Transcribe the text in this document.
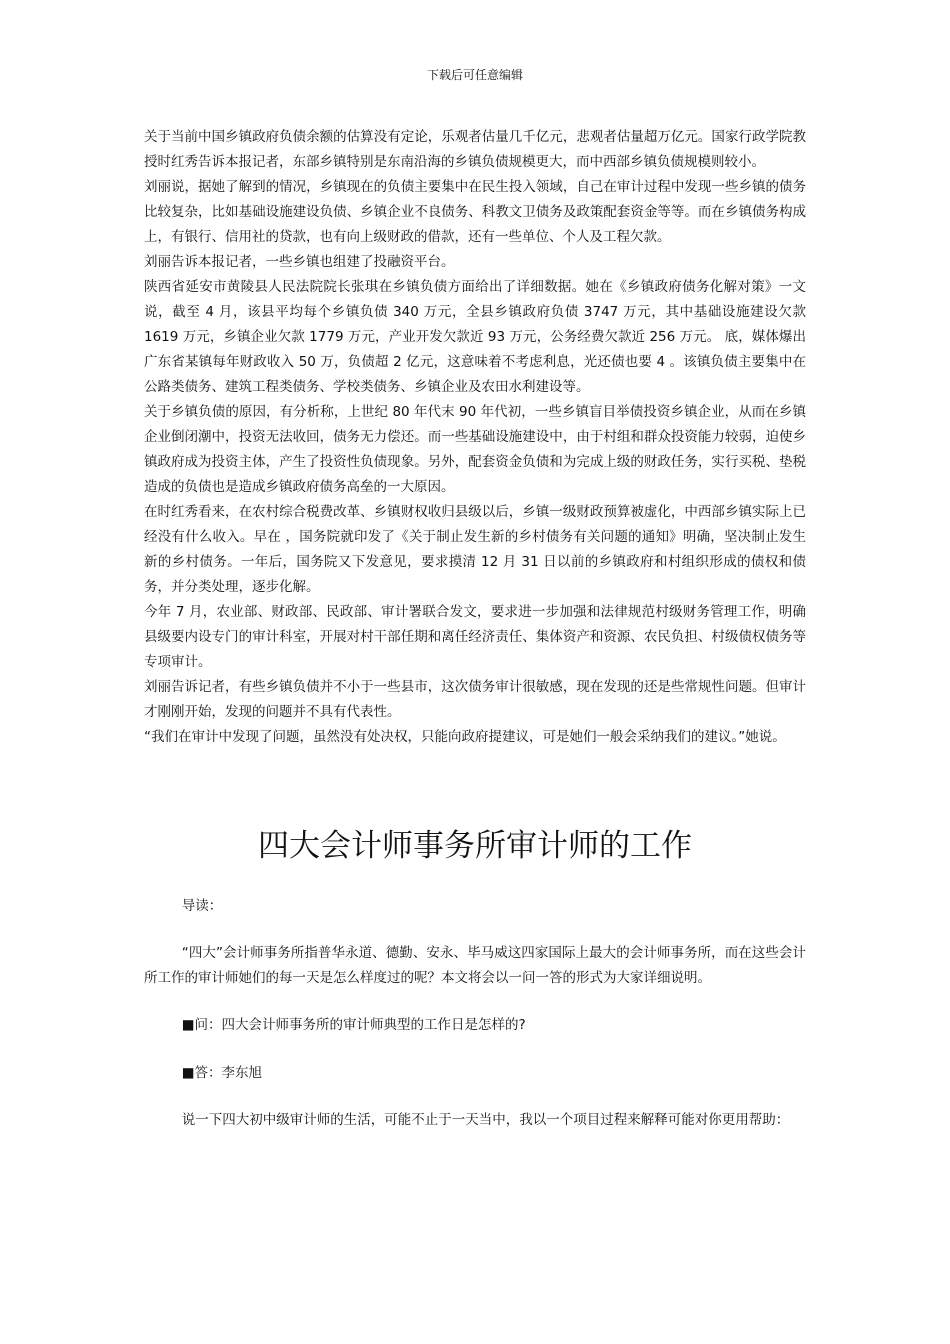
下载后可任意编辑

关于当前中国乡镇政府负债余额的估算没有定论，乐观者估量几千亿元，悲观者估量超万亿元。国家行政学院教授时红秀告诉本报记者，东部乡镇特别是东南沿海的乡镇负债规模更大，而中西部乡镇负债规模则较小。

刘丽说，据她了解到的情况，乡镇现在的负债主要集中在民生投入领域，自己在审计过程中发现一些乡镇的债务比较复杂，比如基础设施建设负债、乡镇企业不良债务、科教文卫债务及政策配套资金等等。而在乡镇债务构成上，有银行、信用社的贷款，也有向上级财政的借款，还有一些单位、个人及工程欠款。

刘丽告诉本报记者，一些乡镇也组建了投融资平台。

陕西省延安市黄陵县人民法院院长张琪在乡镇负债方面给出了详细数据。她在《乡镇政府债务化解对策》一文说，截至 4 月，该县平均每个乡镇负债 340 万元，全县乡镇政府负债 3747 万元，其中基础设施建设欠款 1619 万元，乡镇企业欠款 1779 万元，产业开发欠款近 93 万元，公务经费欠款近 256 万元。 底，媒体爆出广东省某镇每年财政收入 50 万，负债超 2 亿元，这意味着不考虑利息，光还债也要 4 。该镇负债主要集中在公路类债务、建筑工程类债务、学校类债务、乡镇企业及农田水利建设等。

关于乡镇负债的原因，有分析称，上世纪 80 年代末 90 年代初，一些乡镇盲目举债投资乡镇企业，从而在乡镇企业倒闭潮中，投资无法收回，债务无力偿还。而一些基础设施建设中，由于村组和群众投资能力较弱，迫使乡镇政府成为投资主体，产生了投资性负债现象。另外，配套资金负债和为完成上级的财政任务，实行买税、垫税造成的负债也是造成乡镇政府债务高垒的一大原因。

在时红秀看来，在农村综合税费改革、乡镇财权收归县级以后，乡镇一级财政预算被虚化，中西部乡镇实际上已经没有什么收入。早在 ，国务院就印发了《关于制止发生新的乡村债务有关问题的通知》明确，坚决制止发生新的乡村债务。一年后，国务院又下发意见，要求摸清 12 月 31 日以前的乡镇政府和村组织形成的债权和债务，并分类处理，逐步化解。

今年 7 月，农业部、财政部、民政部、审计署联合发文，要求进一步加强和法律规范村级财务管理工作，明确县级要内设专门的审计科室，开展对村干部任期和离任经济责任、集体资产和资源、农民负担、村级债权债务等专项审计。

刘丽告诉记者，有些乡镇负债并不小于一些县市，这次债务审计很敏感，现在发现的还是些常规性问题。但审计才刚刚开始，发现的问题并不具有代表性。

“我们在审计中发现了问题，虽然没有处决权，只能向政府提建议，可是她们一般会采纳我们的建议。”她说。

四大会计师事务所审计师的工作

导读：

“四大”会计师事务所指普华永道、德勤、安永、毕马威这四家国际上最大的会计师事务所，而在这些会计所工作的审计师她们的每一天是怎么样度过的呢？本文将会以一问一答的形式为大家详细说明。

■问：四大会计师事务所的审计师典型的工作日是怎样的?

■答：李东旭

说一下四大初中级审计师的生活，可能不止于一天当中，我以一个项目过程来解释可能对你更用帮助：
